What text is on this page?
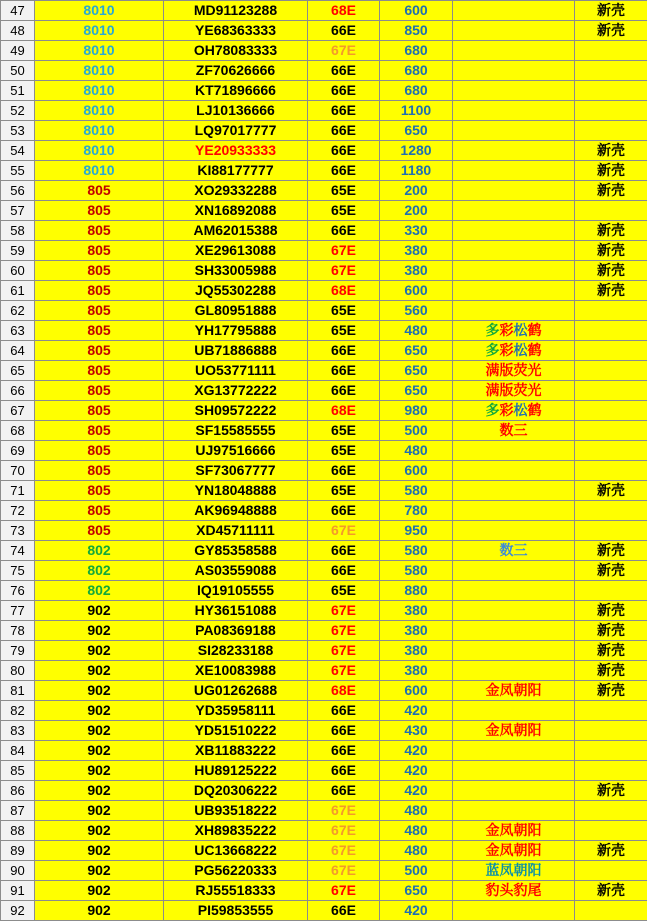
47	8010	MD91123288	68E	600		新壳
48	8010	YE68363333	66E	850		新壳
49	8010	OH78083333	67E	680		
50	8010	ZF70626666	66E	680		
51	8010	KT71896666	66E	680		
52	8010	LJ10136666	66E	1100		
53	8010	LQ97017777	66E	650		
54	8010	YE20933333	66E	1280		新壳
55	8010	KI88177777	66E	1180		新壳
56	805	XO29332288	65E	200		新壳
57	805	XN16892088	65E	200		
58	805	AM62015388	66E	330		新壳
59	805	XE29613088	67E	380		新壳
60	805	SH33005988	67E	380		新壳
61	805	JQ55302288	68E	600		新壳
62	805	GL80951888	65E	560		
63	805	YH17795888	65E	480	多彩松鹤	
64	805	UB71886888	66E	650	多彩松鹤	
65	805	UO53771111	66E	650	满版荧光	
66	805	XG13772222	66E	650	满版荧光	
67	805	SH09572222	68E	980	多彩松鹤	
68	805	SF15585555	65E	500	数三	
69	805	UJ97516666	65E	480		
70	805	SF73067777	66E	600		
71	805	YN18048888	65E	580		新壳
72	805	AK96948888	66E	780		
73	805	XD45711111	67E	950		
74	802	GY85358588	66E	580	数三	新壳
75	802	AS03559088	66E	580		新壳
76	802	IQ19105555	65E	880		
77	902	HY36151088	67E	380		新壳
78	902	PA08369188	67E	380		新壳
79	902	SI28233188	67E	380		新壳
80	902	XE10083988	67E	380		新壳
81	902	UG01262688	68E	600	金凤朝阳	新壳
82	902	YD35958111	66E	420		
83	902	YD51510222	66E	430	金凤朝阳	
84	902	XB11883222	66E	420		
85	902	HU89125222	66E	420		
86	902	DQ20306222	66E	420		新壳
87	902	UB93518222	67E	480		
88	902	XH89835222	67E	480	金凤朝阳	
89	902	UC13668222	67E	480	金凤朝阳	新壳
90	902	PG56220333	67E	500	蓝凤朝阳	
91	902	RJ55518333	67E	650	豹头豹尾	新壳
92	902	PI59853555	66E	420		
